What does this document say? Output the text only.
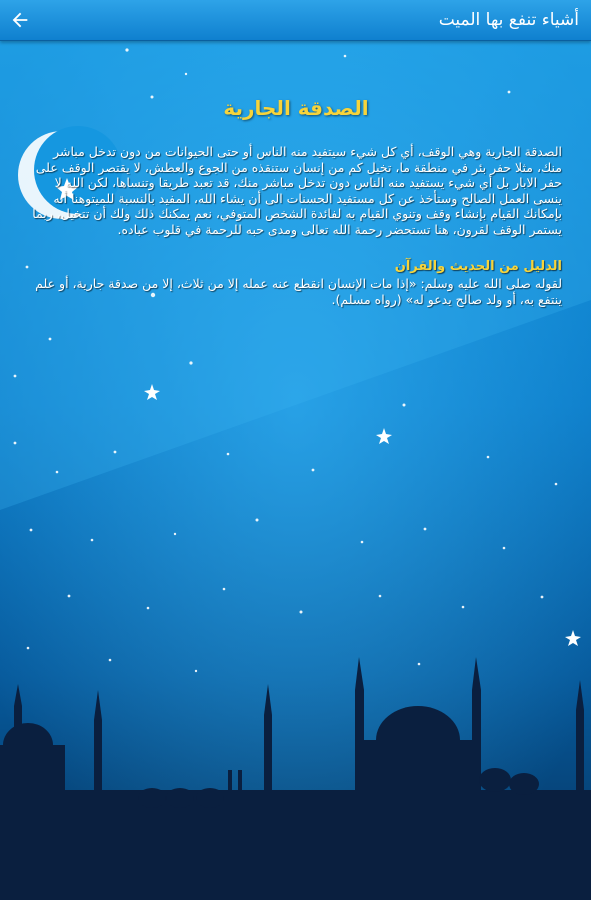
أشياء تنفع بها الميت
الصدقة الجارية

الصدقة الجارية وهي الوقف، أي كل شيء سيتفيد منه الناس أو حتى الحيوانات من دون تدخل مباشر منك، مثلا حفر بئر في منطقة ما، تخيل كم من إنسان ستنقذه من الجوع والعطش، لا يقتصر الوقف على حفر الابار بل أي شيء يستفيد منه الناس دون تدخل مباشر منك، قد تعبد طريقا وتنساها، لكن الله لا ينسى العمل الصالح وستأخذ عن كل مستفيد الحسنات الى أن يشاء الله، المفيد بالنسبة للميتوهنا أنه بإمكانك القيام بإنشاء وقف وتنوي القيام به لفائدة الشخص المتوفي، نعم يمكنك ذلك ولك أن تتخيل، ربما يستمر الوقف لقرون، هنا تستحضر رحمة الله تعالى ومدى حبه للرحمة في قلوب عباده.

الدليل من الحديث والقرآن

لقوله صلى الله عليه وسلم: «إذا مات الإنسان انقطع عنه عمله إلا من ثلاث، إلا من صدقة جارية، أو علم ينتفع به، أو ولد صالح يدعو له» (رواه مسلم).
